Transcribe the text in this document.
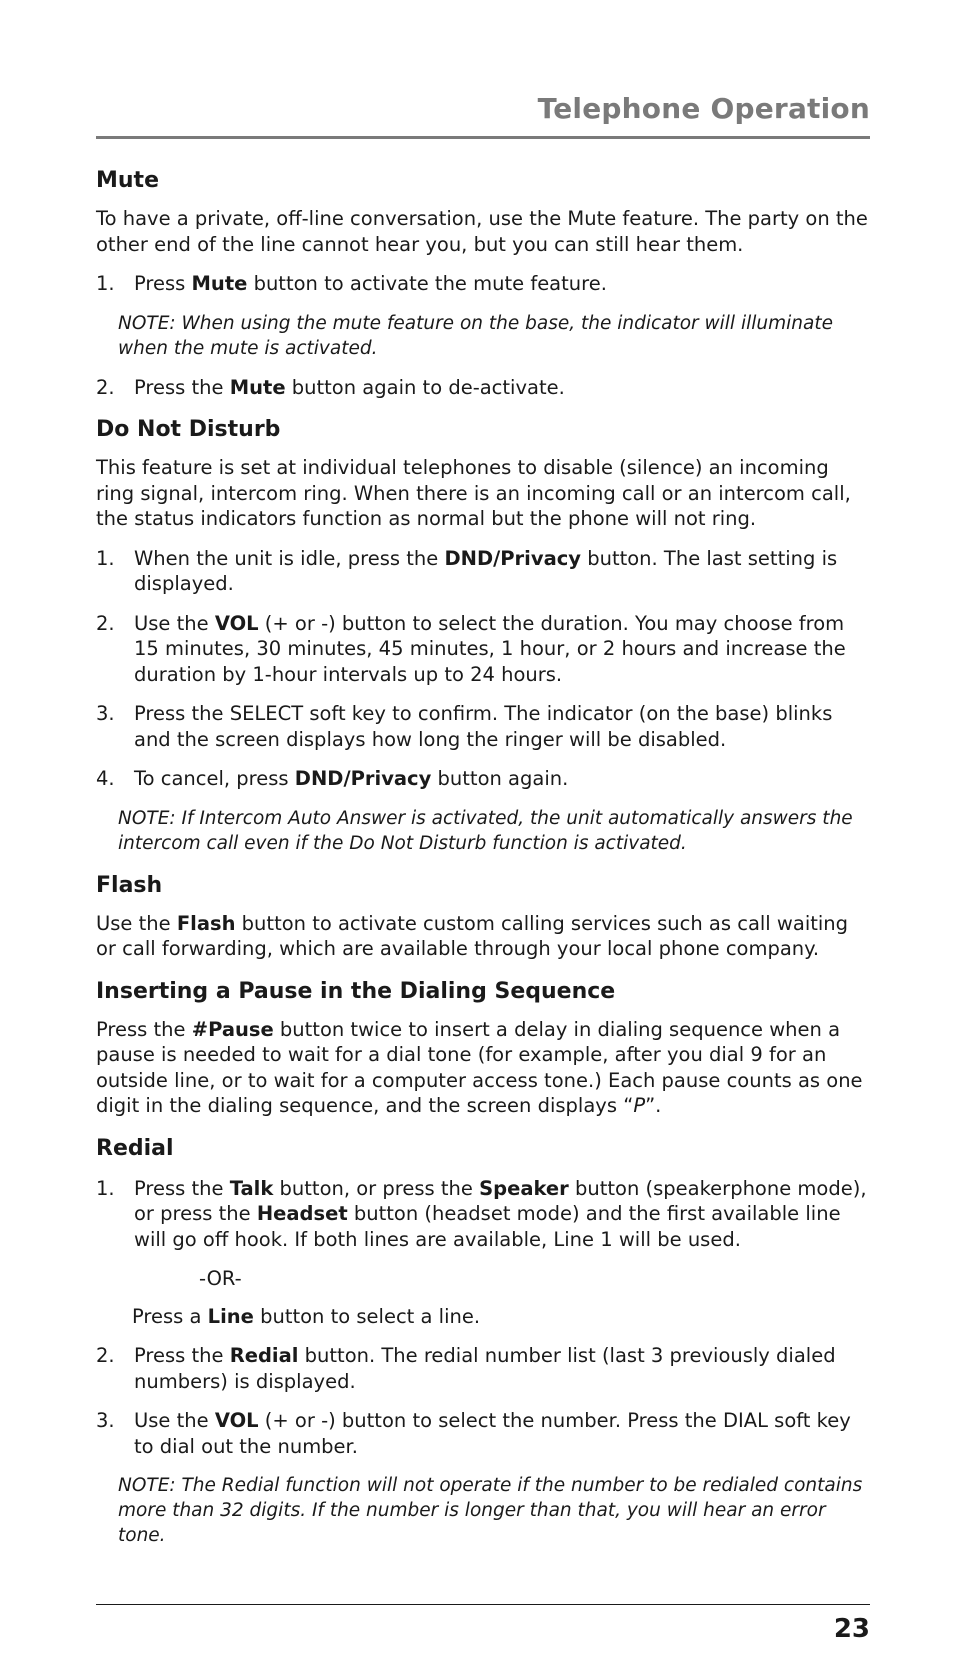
Telephone Operation
Mute

To have a private, off-line conversation, use the Mute feature. The party on the other end of the line cannot hear you, but you can still hear them.

1. Press Mute button to activate the mute feature.

NOTE: When using the mute feature on the base, the indicator will illuminate when the mute is activated.

2. Press the Mute button again to de-activate.
Do Not Disturb

This feature is set at individual telephones to disable (silence) an incoming ring signal, intercom ring. When there is an incoming call or an intercom call, the status indicators function as normal but the phone will not ring.

1. When the unit is idle, press the DND/Privacy button. The last setting is displayed.
2. Use the VOL (+ or -) button to select the duration. You may choose from 15 minutes, 30 minutes, 45 minutes, 1 hour, or 2 hours and increase the duration by 1-hour intervals up to 24 hours.
3. Press the SELECT soft key to confirm. The indicator (on the base) blinks and the screen displays how long the ringer will be disabled.
4. To cancel, press DND/Privacy button again.

NOTE: If Intercom Auto Answer is activated, the unit automatically answers the intercom call even if the Do Not Disturb function is activated.

Flash

Use the Flash button to activate custom calling services such as call waiting or call forwarding, which are available through your local phone company.

Inserting a Pause in the Dialing Sequence

Press the #Pause button twice to insert a delay in dialing sequence when a pause is needed to wait for a dial tone (for example, after you dial 9 for an outside line, or to wait for a computer access tone.) Each pause counts as one digit in the dialing sequence, and the screen displays “P”.

Redial
1. Press the Talk button, or press the Speaker button (speakerphone mode), or press the Headset button (headset mode) and the first available line will go off hook. If both lines are available, Line 1 will be used.
-OR-
Press a Line button to select a line.
2. Press the Redial button. The redial number list (last 3 previously dialed numbers) is displayed.
3. Use the VOL (+ or -) button to select the number. Press the DIAL soft key to dial out the number.

NOTE: The Redial function will not operate if the number to be redialed contains more than 32 digits. If the number is longer than that, you will hear an error tone.

23
